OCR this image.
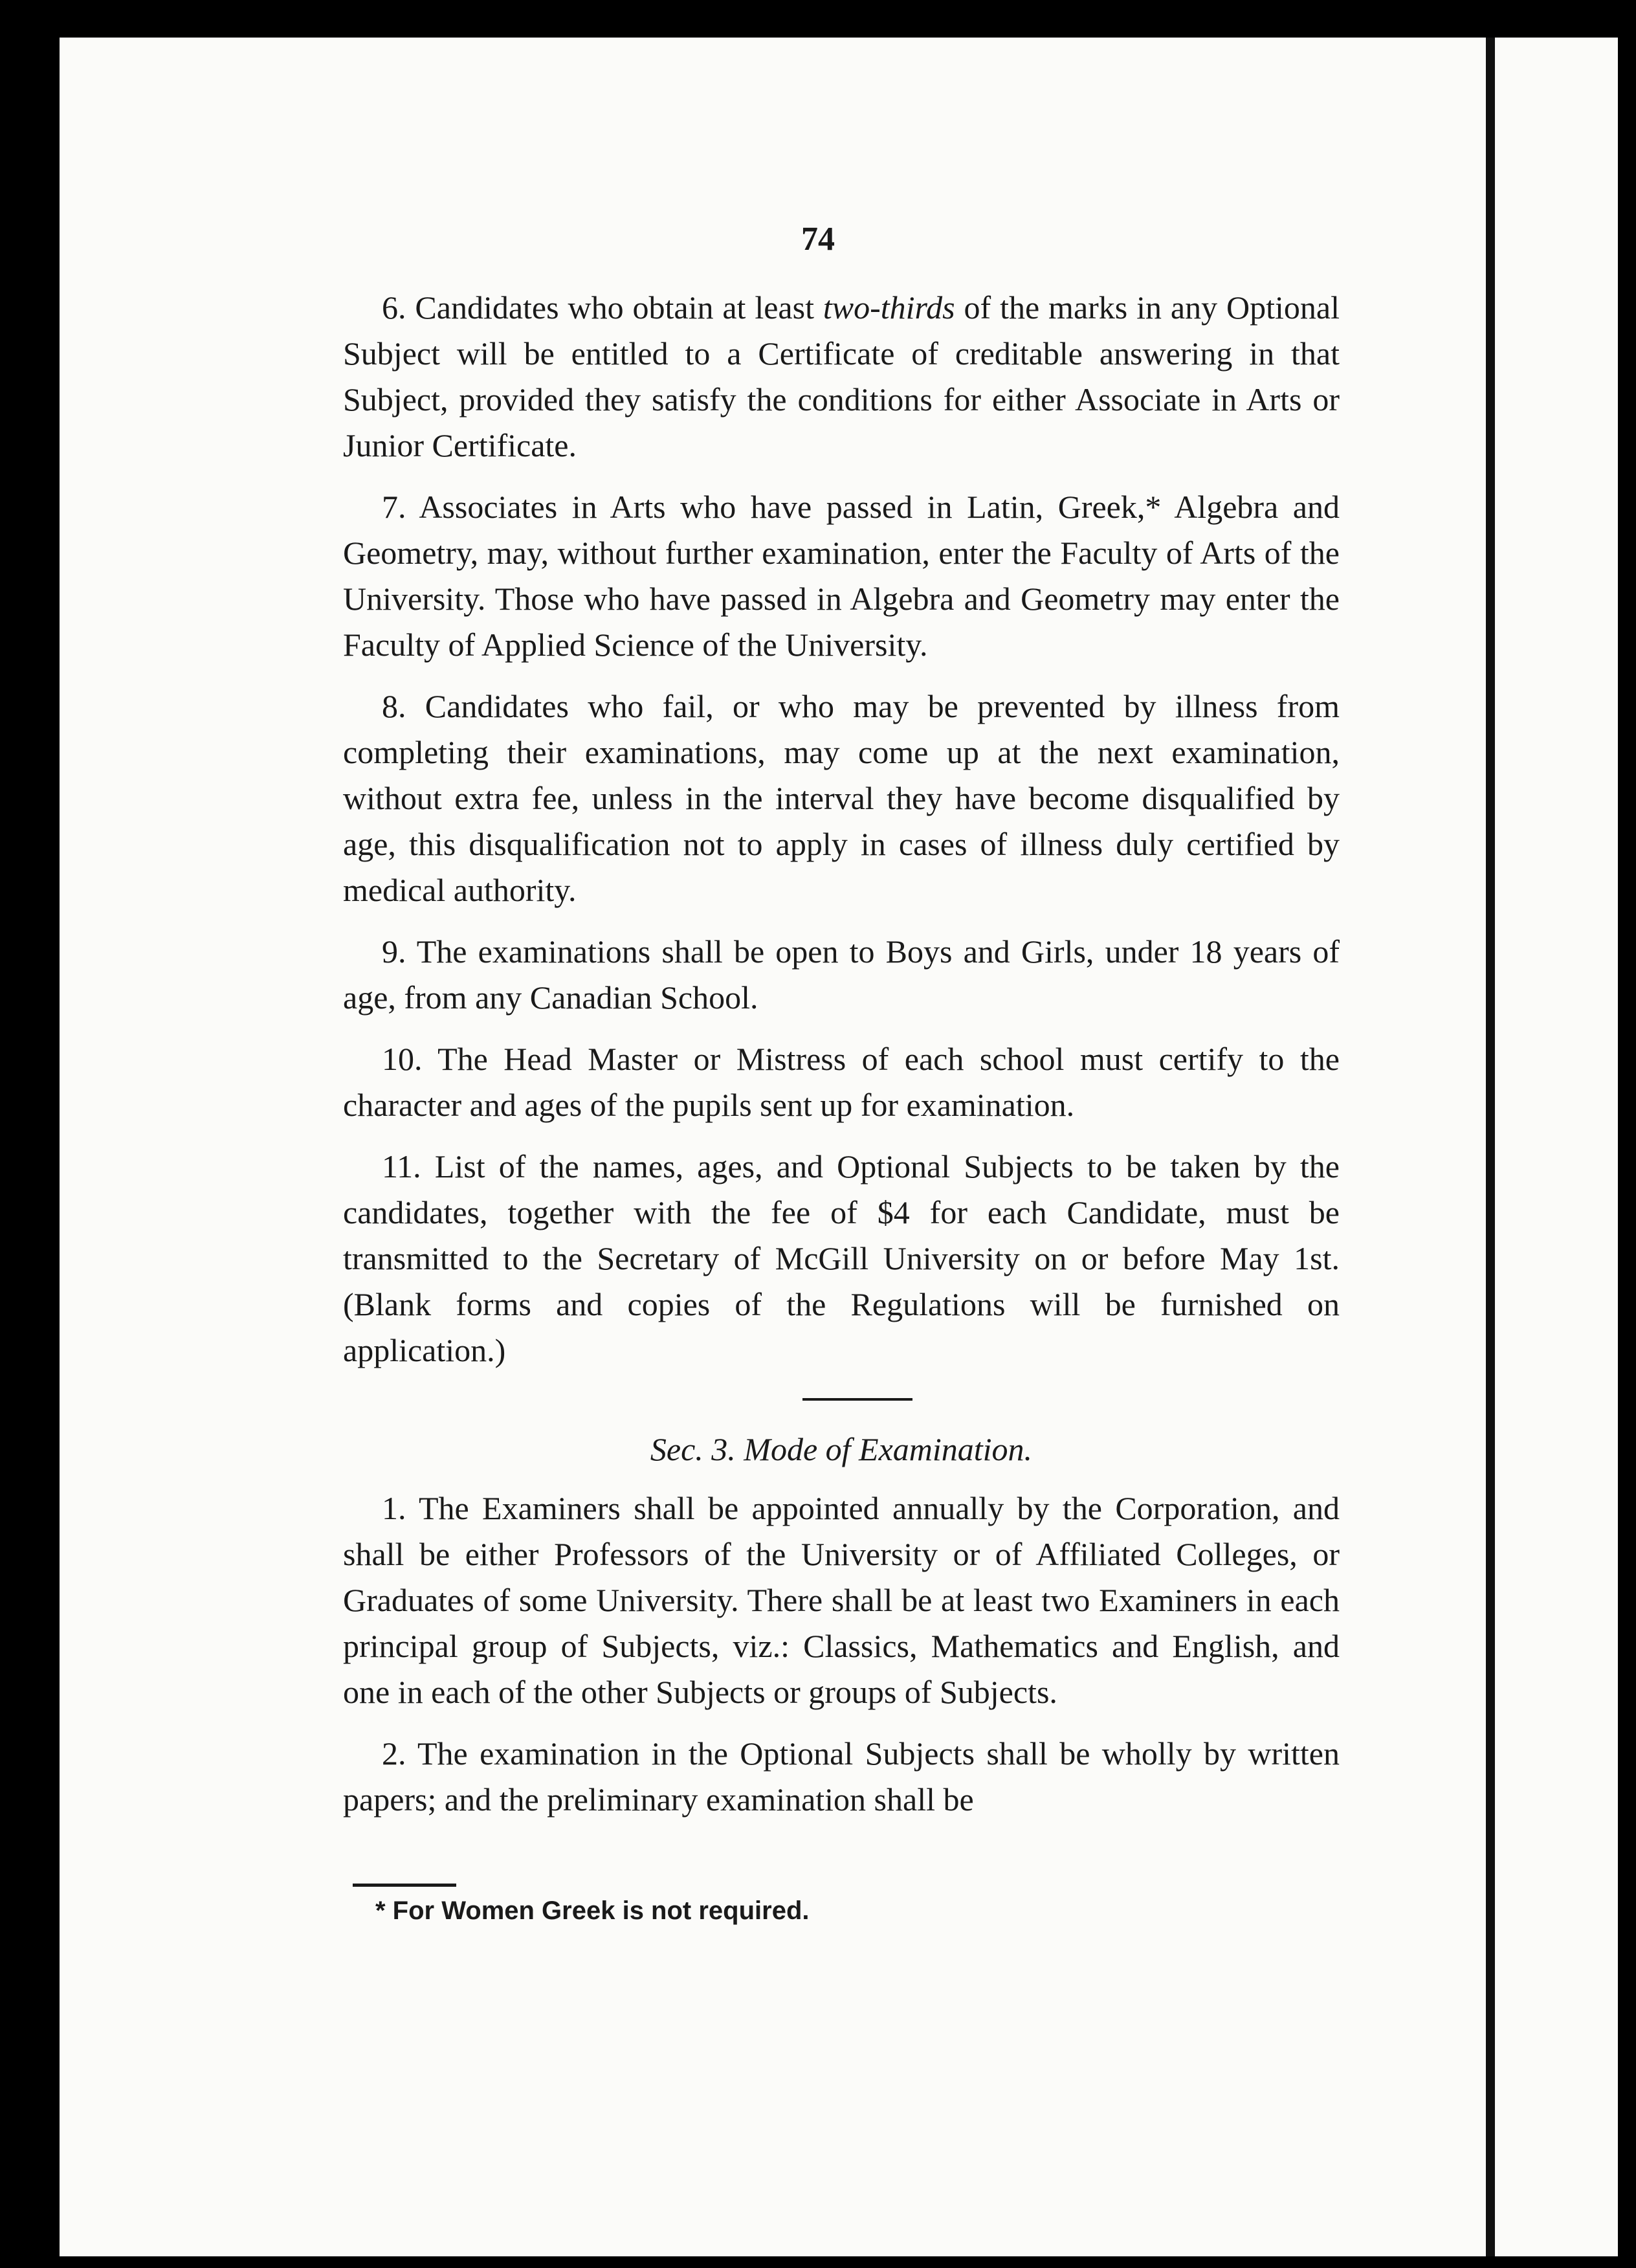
74

6. Candidates who obtain at least two-thirds of the marks in any Optional Subject will be entitled to a Certificate of creditable answering in that Subject, provided they satisfy the conditions for either Associate in Arts or Junior Certificate.

7. Associates in Arts who have passed in Latin, Greek,* Algebra and Geometry, may, without further examination, enter the Faculty of Arts of the University. Those who have passed in Algebra and Geometry may enter the Faculty of Applied Science of the University.

8. Candidates who fail, or who may be prevented by illness from completing their examinations, may come up at the next examination, without extra fee, unless in the interval they have become disqualified by age, this disqualification not to apply in cases of illness duly certified by medical authority.

9. The examinations shall be open to Boys and Girls, under 18 years of age, from any Canadian School.

10. The Head Master or Mistress of each school must certify to the character and ages of the pupils sent up for examination.

11. List of the names, ages, and Optional Subjects to be taken by the candidates, together with the fee of $4 for each Candidate, must be transmitted to the Secretary of McGill University on or before May 1st. (Blank forms and copies of the Regulations will be furnished on application.)

Sec. 3. Mode of Examination.

1. The Examiners shall be appointed annually by the Corporation, and shall be either Professors of the University or of Affiliated Colleges, or Graduates of some University. There shall be at least two Examiners in each principal group of Subjects, viz.: Classics, Mathematics and English, and one in each of the other Subjects or groups of Subjects.

2. The examination in the Optional Subjects shall be wholly by written papers; and the preliminary examination shall be

* For Women Greek is not required.
